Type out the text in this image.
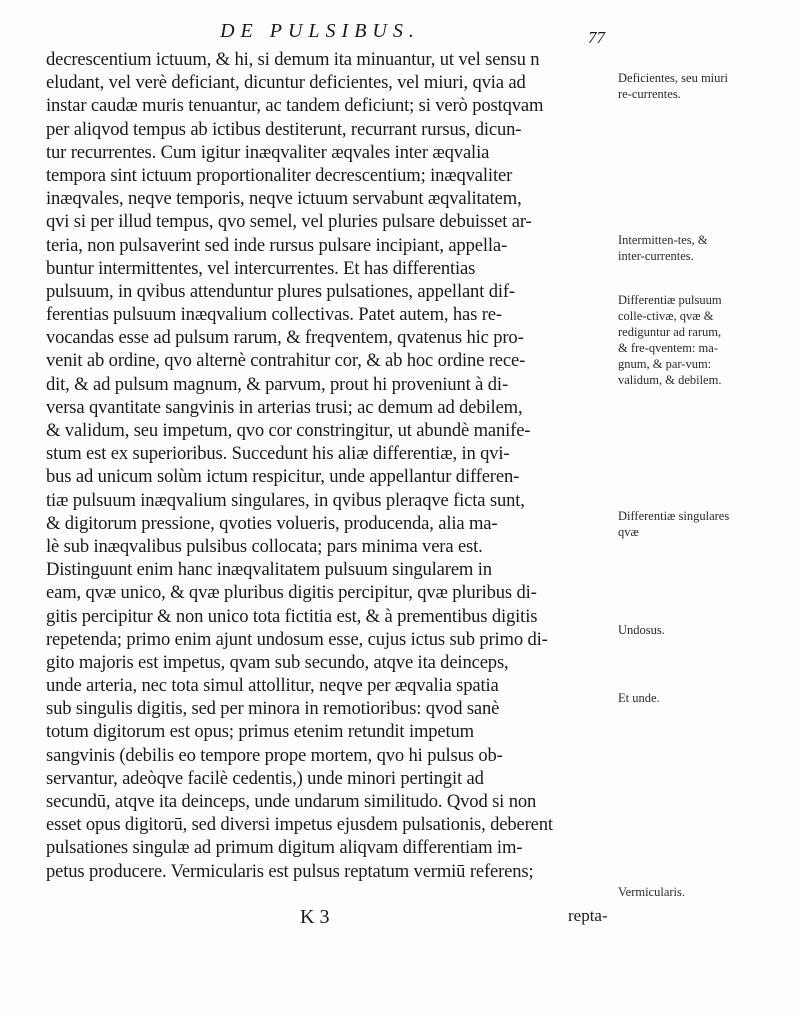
DE PULSIBUS.	77
decrescentium ictuum, & hi, si demum ita minuantur, ut vel sensu n
eludant, vel verè deficiant, dicuntur deficientes, vel miuri, qvia ad
instar caudæ muris tenuantur, ac tandem deficiunt; si verò postqvam
per aliqvod tempus ab ictibus destiterunt, recurrant rursus, dicun-
tur recurrentes. Cum igitur inæqvaliter æqvales inter æqvalia
tempora sint ictuum proportionaliter decrescentium; inæqvaliter
inæqvales, neqve temporis, neqve ictuum servabunt æqvalitatem,
qvi si per illud tempus, qvo semel, vel pluries pulsare debuisset ar-
teria, non pulsaverint sed inde rursus pulsare incipiant, appella-
buntur intermittentes, vel intercurrentes. Et has differentias
pulsuum, in qvibus attenduntur plures pulsationes, appellant dif-
ferentias pulsuum inæqvalium collectivas. Patet autem, has re-
vocandas esse ad pulsum rarum, & freqventem, qvatenus hic pro-
venit ab ordine, qvo alternè contrahitur cor, & ab hoc ordine rece-
dit, & ad pulsum magnum, & parvum, prout hi proveniunt à di-
versa qvantitate sangvinis in arterias trusi; ac demum ad debilem,
& validum, seu impetum, qvo cor constringitur, ut abundè manife-
stum est ex superioribus. Succedunt his aliæ differentiæ, in qvi-
bus ad unicum solùm ictum respicitur, unde appellantur differen-
tiæ pulsuum inæqvalium singulares, in qvibus pleraqve ficta sunt,
& digitorum pressione, qvoties volueris, producenda, alia ma-
lè sub inæqvalibus pulsibus collocata; pars minima vera est.
Distinguunt enim hanc inæqvalitatem pulsuum singularem in
eam, qvæ unico, & qvæ pluribus digitis percipitur, qvæ pluribus di-
gitis percipitur & non unico tota fictitia est, & à prementibus digitis
repetenda; primo enim ajunt undosum esse, cujus ictus sub primo di-
gito majoris est impetus, qvam sub secundo, atqve ita deinceps,
unde arteria, nec tota simul attollitur, neqve per æqvalia spatia
sub singulis digitis, sed per minora in remotioribus: qvod sanè
totum digitorum est opus; primus etenim retundit impetum
sangvinis (debilis eo tempore prope mortem, qvo hi pulsus ob-
servantur, adeòqve facilè cedentis,) unde minori pertingit ad
secundū, atqve ita deinceps, unde undarum similitudo. Qvod si non
esset opus digitorū, sed diversi impetus ejusdem pulsationis, deberent
pulsationes singulæ ad primum digitum aliqvam differentiam im-
petus producere. Vermicularis est pulsus reptatum vermiū referens;
Deficientes, seu miuri re-currentes.
Intermitten-tes, & inter-currentes.
Differentiæ pulsuum colle-ctivæ, qvæ & rediguntur ad rarum, & fre-qventem: ma-gnum, & par-vum: validum, & debilem.
Differentiæ singulares qvæ
Undosus.
Et unde.
Vermicularis.
K 3	repta-
